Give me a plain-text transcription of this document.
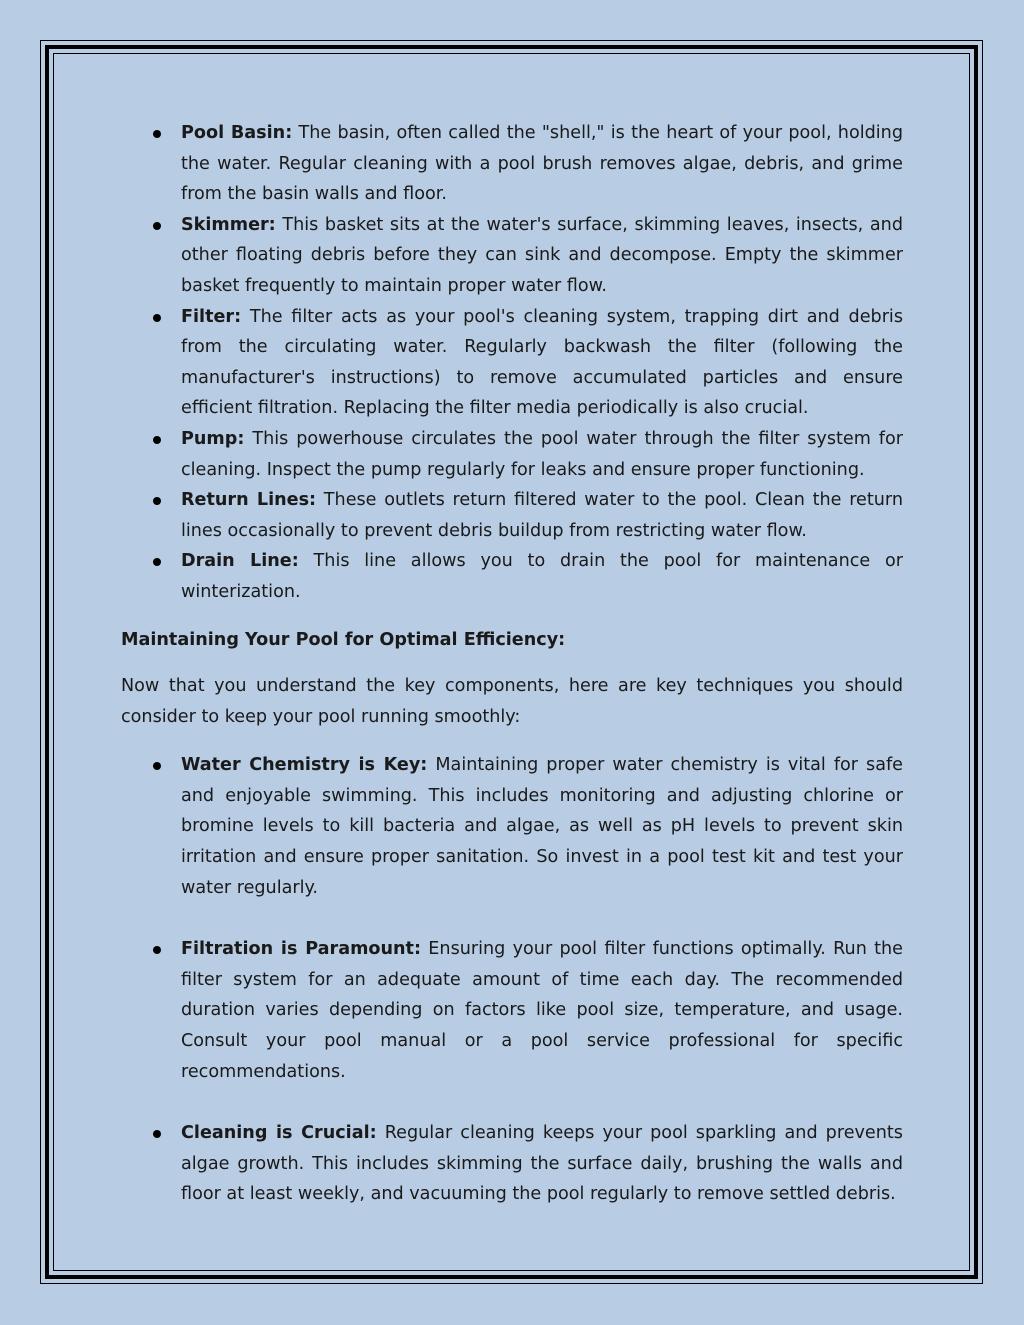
Pool Basin: The basin, often called the "shell," is the heart of your pool, holding the water. Regular cleaning with a pool brush removes algae, debris, and grime from the basin walls and floor.
Skimmer: This basket sits at the water's surface, skimming leaves, insects, and other floating debris before they can sink and decompose. Empty the skimmer basket frequently to maintain proper water flow.
Filter: The filter acts as your pool's cleaning system, trapping dirt and debris from the circulating water. Regularly backwash the filter (following the manufacturer's instructions) to remove accumulated particles and ensure efficient filtration. Replacing the filter media periodically is also crucial.
Pump: This powerhouse circulates the pool water through the filter system for cleaning. Inspect the pump regularly for leaks and ensure proper functioning.
Return Lines: These outlets return filtered water to the pool. Clean the return lines occasionally to prevent debris buildup from restricting water flow.
Drain Line: This line allows you to drain the pool for maintenance or winterization.

Maintaining Your Pool for Optimal Efficiency:

Now that you understand the key components, here are key techniques you should consider to keep your pool running smoothly:

Water Chemistry is Key: Maintaining proper water chemistry is vital for safe and enjoyable swimming. This includes monitoring and adjusting chlorine or bromine levels to kill bacteria and algae, as well as pH levels to prevent skin irritation and ensure proper sanitation. So invest in a pool test kit and test your water regularly.
Filtration is Paramount: Ensuring your pool filter functions optimally. Run the filter system for an adequate amount of time each day. The recommended duration varies depending on factors like pool size, temperature, and usage. Consult your pool manual or a pool service professional for specific recommendations.
Cleaning is Crucial: Regular cleaning keeps your pool sparkling and prevents algae growth. This includes skimming the surface daily, brushing the walls and floor at least weekly, and vacuuming the pool regularly to remove settled debris.
